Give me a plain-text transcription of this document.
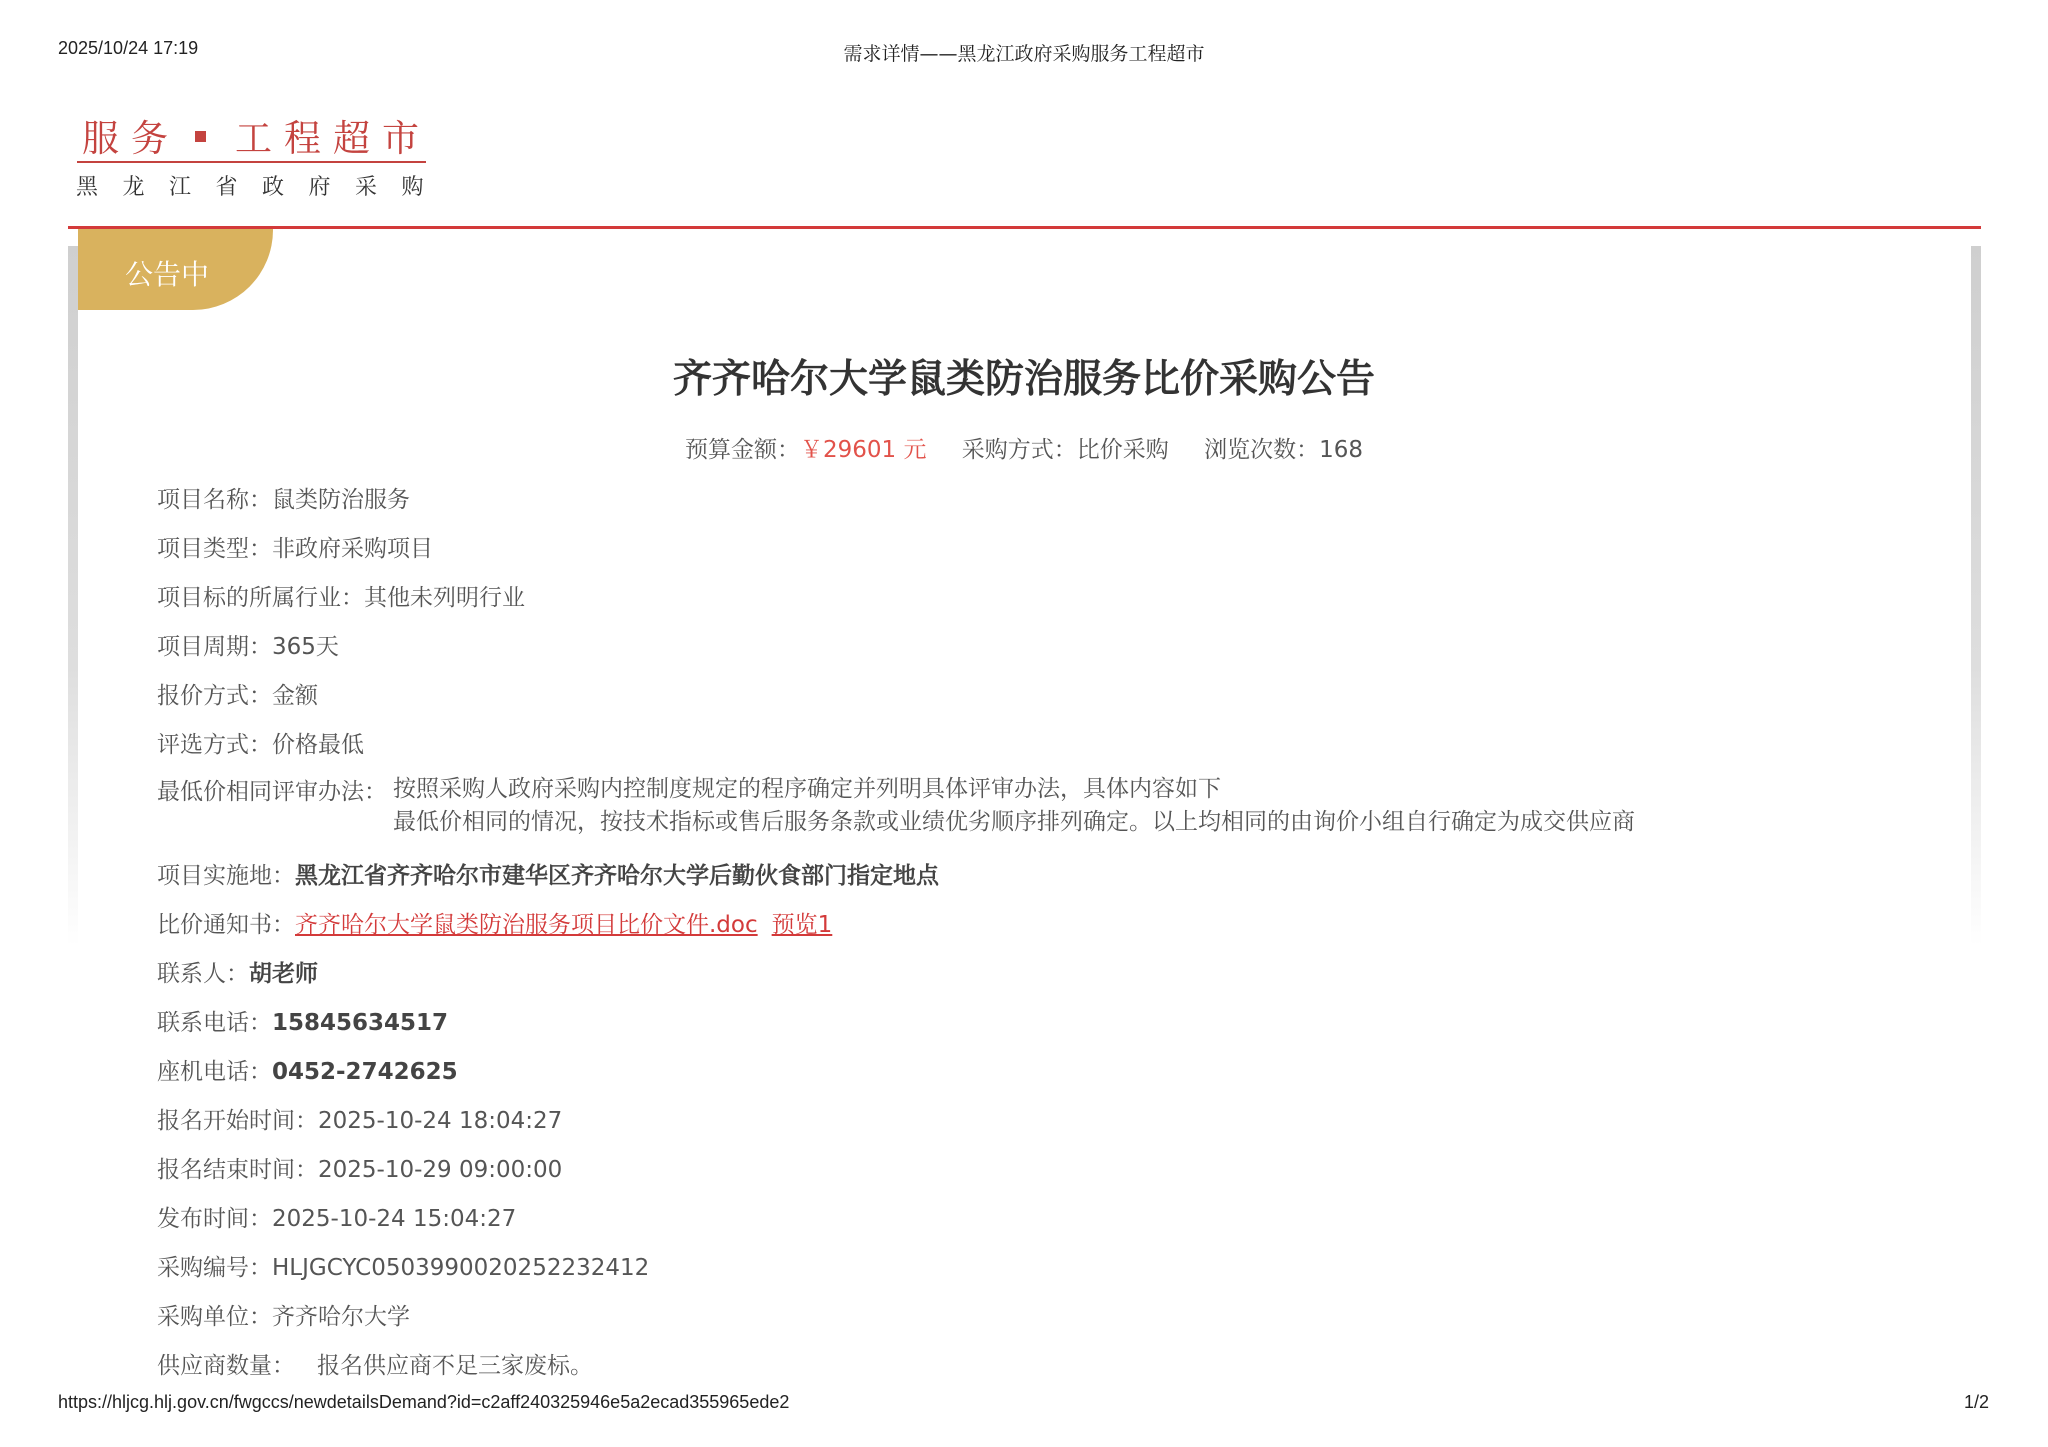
2025/10/24 17:19	需求详情——黑龙江政府采购服务工程超市
服 务 工 程 超 市
黑 龙 江 省 政 府 采 购
公告中
齐齐哈尔大学鼠类防治服务比价采购公告
预算金额：￥29601 元 采购方式：比价采购 浏览次数：168
项目名称：鼠类防治服务
项目类型：非政府采购项目
项目标的所属行业：其他未列明行业
项目周期：365天
报价方式：金额
评选方式：价格最低
最低价相同评审办法： 按照采购人政府采购内控制度规定的程序确定并列明具体评审办法，具体内容如下
最低价相同的情况，按技术指标或售后服务条款或业绩优劣顺序排列确定。以上均相同的由询价小组自行确定为成交供应商
项目实施地：黑龙江省齐齐哈尔市建华区齐齐哈尔大学后勤伙食部门指定地点
比价通知书：齐齐哈尔大学鼠类防治服务项目比价文件.doc 预览1
联系人：胡老师
联系电话：15845634517
座机电话：0452-2742625
报名开始时间：2025-10-24 18:04:27
报名结束时间：2025-10-29 09:00:00
发布时间：2025-10-24 15:04:27
采购编号：HLJGCYC0503990020252232412
采购单位：齐齐哈尔大学
供应商数量： 报名供应商不足三家废标。
https://hljcg.hlj.gov.cn/fwgccs/newdetailsDemand?id=c2aff240325946e5a2ecad355965ede2	1/2
